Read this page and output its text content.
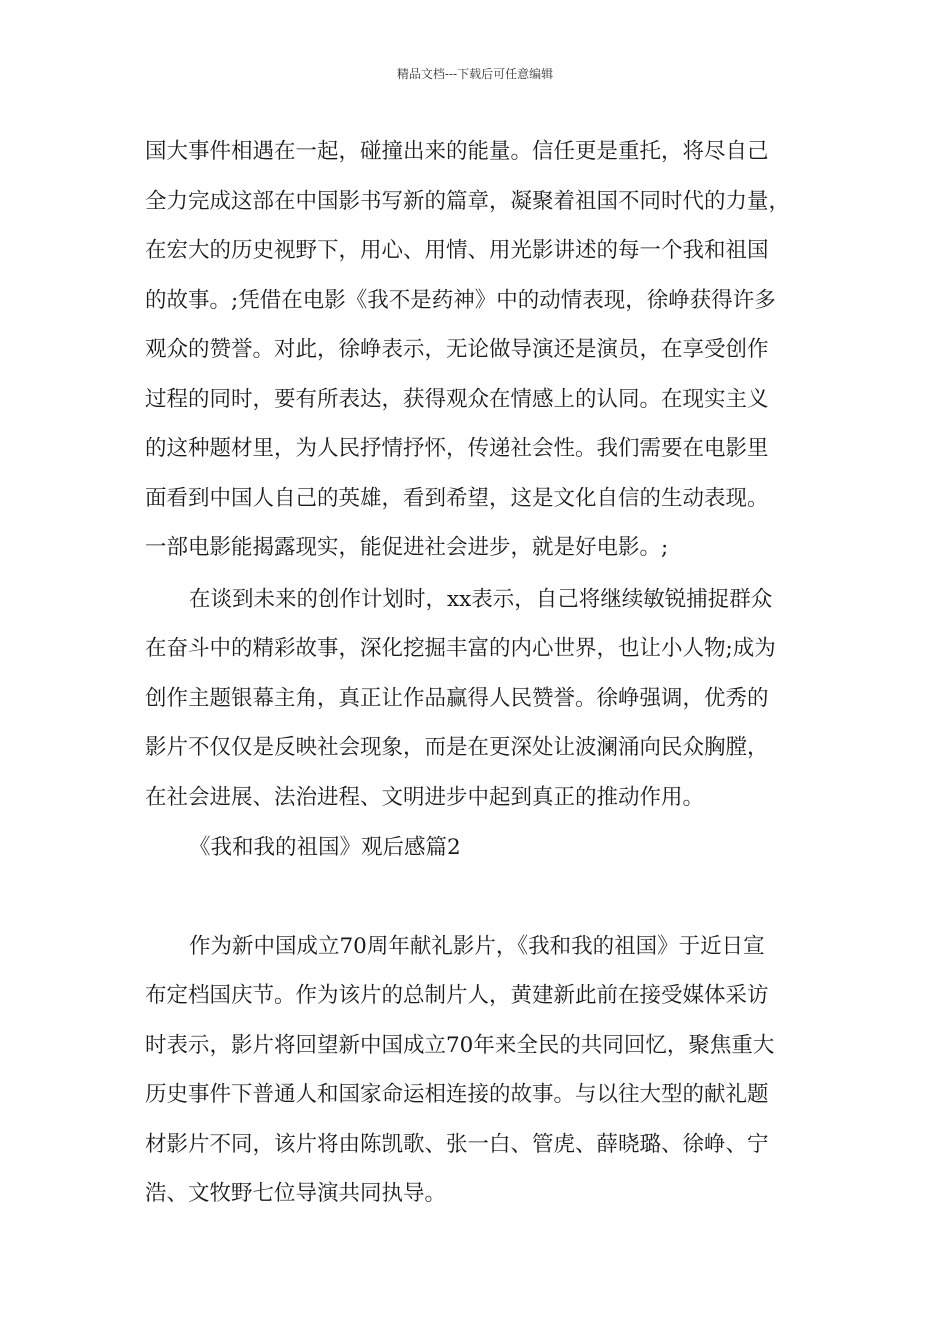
精品文档---下载后可任意编辑
国大事件相遇在一起，碰撞出来的能量。信任更是重托，将尽自己
全力完成这部在中国影书写新的篇章，凝聚着祖国不同时代的力量，
在宏大的历史视野下，用心、用情、用光影讲述的每一个我和祖国
的故事。;凭借在电影《我不是药神》中的动情表现，徐峥获得许多
观众的赞誉。对此，徐峥表示，无论做导演还是演员，在享受创作
过程的同时，要有所表达，获得观众在情感上的认同。在现实主义
的这种题材里，为人民抒情抒怀，传递社会性。我们需要在电影里
面看到中国人自己的英雄，看到希望，这是文化自信的生动表现。
一部电影能揭露现实，能促进社会进步，就是好电影。;
在谈到未来的创作计划时，xx表示，自己将继续敏锐捕捉群众
在奋斗中的精彩故事，深化挖掘丰富的内心世界，也让小人物;成为
创作主题银幕主角，真正让作品赢得人民赞誉。徐峥强调，优秀的
影片不仅仅是反映社会现象，而是在更深处让波澜涌向民众胸膛，
在社会进展、法治进程、文明进步中起到真正的推动作用。
《我和我的祖国》观后感篇2
作为新中国成立70周年献礼影片，《我和我的祖国》于近日宣
布定档国庆节。作为该片的总制片人，黄建新此前在接受媒体采访
时表示，影片将回望新中国成立70年来全民的共同回忆，聚焦重大
历史事件下普通人和国家命运相连接的故事。与以往大型的献礼题
材影片不同，该片将由陈凯歌、张一白、管虎、薛晓璐、徐峥、宁
浩、文牧野七位导演共同执导。
